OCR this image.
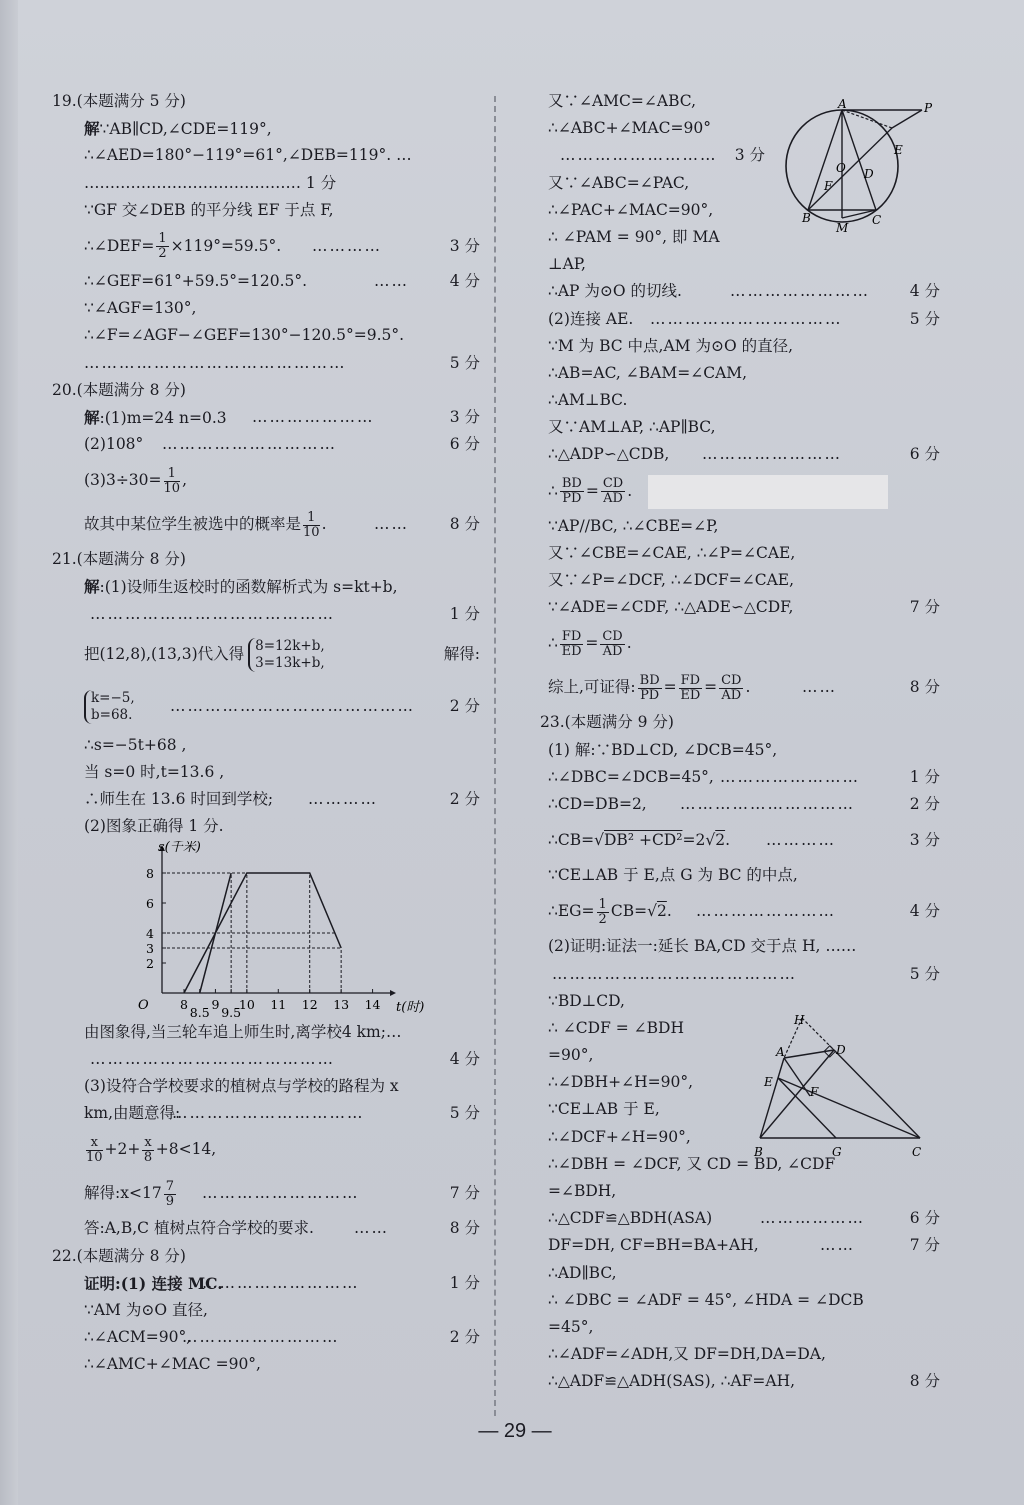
19.(本题满分 5 分)
解∵AB∥CD,∠CDE=119°,
∴∠AED=180°−119°=61°,∠DEB=119°. …
…………………………………… 1 分
∵GF 交∠DEB 的平分线 EF 于点 F,
∴∠DEF= $\frac{1}{2} \times 119^\circ=59.5^\circ$. …………	3 分
∴∠GEF=61°+59.5°=120.5°.	……	4 分
∵∠AGF=130°,
∴∠F=∠AGF−∠GEF=130°−120.5°=9.5°.
………………………………………	5 分
20.(本题满分 8 分)
解:(1)m=24 n=0.3 …………………	3 分
(2)108° …………………………	6 分
$(3)3\div 30= \frac{1}{10}$ ,
故其中某位学生被选中的概率是 $\frac{1}{10}$ .	……	8 分
21.(本题满分 8 分)
解:(1)设师生返校时的函数解析式为 s=kt+b,
……………………………………	1 分
把(12,8),(13,3)代入得 8=12k+b,
3=13k+b,	解得:
k=−5,
b=68. …………………………………… 2 分
∴s=−5t+68 ,
当 s=0 时,t=13.6 ,
∴师生在 13.6 时回到学校; …………	2 分
(2)图象正确得 1 分.
s(千米)
t(时)
O	8
8.5
9
9.5
10 11 12 13 14
2
3
4
6
8
由图象得,当三轮车追上师生时,离学校4 km;…
……………………………………	4 分
(3)设符合学校要求的植树点与学校的路程为 x
km,由题意得:
……………………………	5 分
$\frac{x}{10} +2+ \frac{x}{8} +8<14$,
解得:x<17 $\frac{7}{9}$ ………………………	7 分
答:A,B,C 植树点符合学校的要求.	……	8 分
22.(本题满分 8 分)
证明:(1) 连接 MC.
………………………	1 分
∵AM 为⊙O 直径,
∴∠ACM=90°,
………………………	2 分
∴∠AMC+∠MAC =90°,
又∵∠AMC=∠ABC,
∴∠ABC+∠MAC=90°
……………………… 3 分
又∵∠ABC=∠PAC,
∴∠PAC+∠MAC=90°,
∴ ∠PAM = 90°, 即 MA
⊥AP,
∴AP 为⊙O 的切线.	……………………	4 分
(2)连接 AE. ……………………………	5 分
∵M 为 BC 中点,AM 为⊙O 的直径,
∴AB=AC, ∠BAM=∠CAM,
∴AM⊥BC.
又∵AM⊥AP, ∴AP∥BC,
∴△ADP∽△CDB, ……………………	6 分
∴ $\frac{BD}{PD} = \frac{CD}{AD}$ .
∵AP//BC, ∴∠CBE=∠P,
又∵∠CBE=∠CAE, ∴∠P=∠CAE,
又∵∠P=∠DCF, ∴∠DCF=∠CAE,
∵∠ADE=∠CDF, ∴△ADE∽△CDF,	7 分
∴ $\frac{FD}{ED} = \frac{CD}{AD}$ .
综上,可证得: $\frac{BD}{PD} = \frac{FD}{ED} = \frac{CD}{AD}$ .	……	8 分
23.(本题满分 9 分)
(1) 解:∵BD⊥CD, ∠DCB=45°,
∴∠DBC=∠DCB=45°, ……………………	1 分
∴CD=DB=2, …………………………	2 分
∴CB=√DB² +CD²=2√2. …………	3 分
∵CE⊥AB 于 E,点 G 为 BC 的中点,
∴EG= $\frac{1}{2} CB=√2$. ……………………	4 分
(2)证明:证法一:延长 BA,CD 交于点 H, ……
……………………………………	5 分
∵BD⊥CD,
∴ ∠CDF = ∠BDH
=90°,
∴∠DBH+∠H=90°,
∵CE⊥AB 于 E,
∴∠DCF+∠H=90°,
∴∠DBH = ∠DCF, 又 CD = BD, ∠CDF
=∠BDH,
∴△CDF≌△BDH(ASA)	………………	6 分
DF=DH, CF=BH=BA+AH,	……	7 分
∴AD∥BC,
∴ ∠DBC = ∠ADF = 45°, ∠HDA = ∠DCB
=45°,
∴∠ADF=∠ADH,又 DF=DH,DA=DA,
∴△ADF≌△ADH(SAS), ∴AF=AH,	8 分
A	P
E
O D
F
B
M
C
H
A	D
E
F
B	G	C
— 29 —
